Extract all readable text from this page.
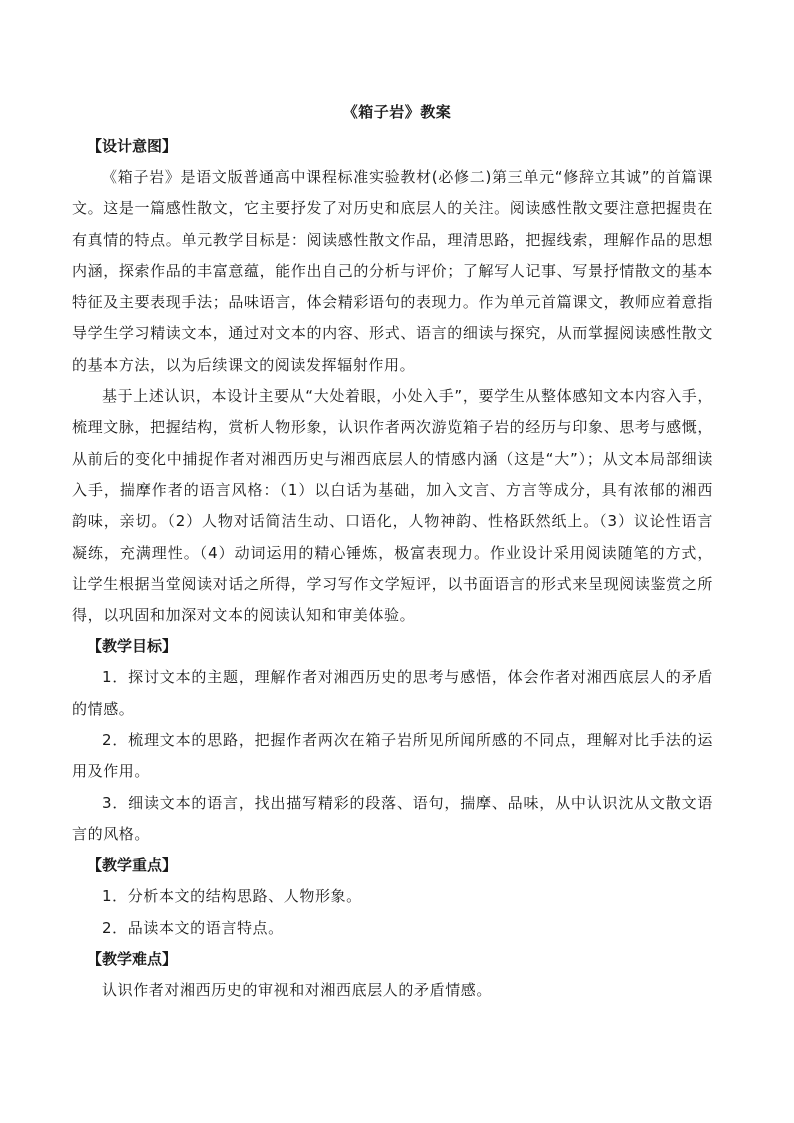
《箱子岩》教案

【设计意图】

《箱子岩》是语文版普通高中课程标准实验教材(必修二)第三单元“修辞立其诚”的首篇课文。这是一篇感性散文，它主要抒发了对历史和底层人的关注。阅读感性散文要注意把握贵在有真情的特点。单元教学目标是：阅读感性散文作品，理清思路，把握线索，理解作品的思想内涵，探索作品的丰富意蕴，能作出自己的分析与评价；了解写人记事、写景抒情散文的基本特征及主要表现手法；品味语言，体会精彩语句的表现力。作为单元首篇课文，教师应着意指导学生学习精读文本，通过对文本的内容、形式、语言的细读与探究，从而掌握阅读感性散文的基本方法，以为后续课文的阅读发挥辐射作用。

基于上述认识，本设计主要从“大处着眼，小处入手”，要学生从整体感知文本内容入手，梳理文脉，把握结构，赏析人物形象，认识作者两次游览箱子岩的经历与印象、思考与感慨，从前后的变化中捕捉作者对湘西历史与湘西底层人的情感内涵（这是“大”）；从文本局部细读入手，揣摩作者的语言风格：（1）以白话为基础，加入文言、方言等成分，具有浓郁的湘西韵味，亲切。（2）人物对话简洁生动、口语化，人物神韵、性格跃然纸上。（3）议论性语言凝练，充满理性。（4）动词运用的精心锤炼，极富表现力。作业设计采用阅读随笔的方式，让学生根据当堂阅读对话之所得，学习写作文学短评，以书面语言的形式来呈现阅读鉴赏之所得，以巩固和加深对文本的阅读认知和审美体验。

【教学目标】

1．探讨文本的主题，理解作者对湘西历史的思考与感悟，体会作者对湘西底层人的矛盾的情感。

2．梳理文本的思路，把握作者两次在箱子岩所见所闻所感的不同点，理解对比手法的运用及作用。

3．细读文本的语言，找出描写精彩的段落、语句，揣摩、品味，从中认识沈从文散文语言的风格。

【教学重点】

1．分析本文的结构思路、人物形象。

2．品读本文的语言特点。

【教学难点】

认识作者对湘西历史的审视和对湘西底层人的矛盾情感。
